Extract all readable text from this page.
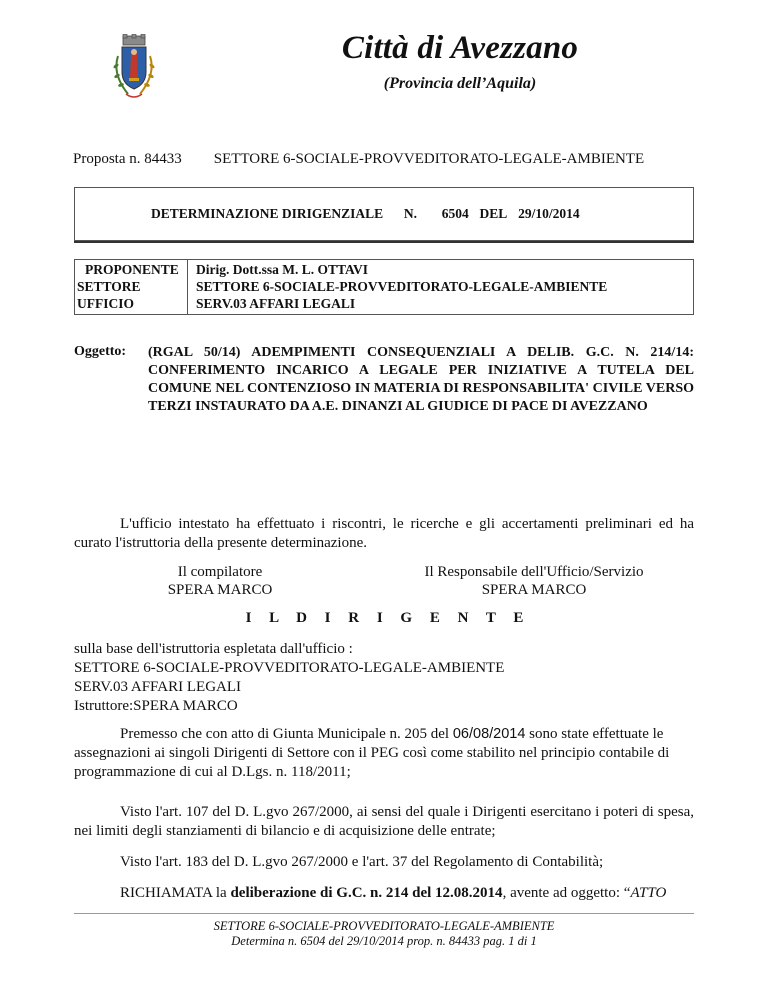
Città di Avezzano
(Provincia dell’Aquila)
Proposta n. 84433 SETTORE 6-SOCIALE-PROVVEDITORATO-LEGALE-AMBIENTE
DETERMINAZIONE DIRIGENZIALE N. 6504 DEL 29/10/2014
PROPONENTE
SETTORE
UFFICIO
Dirig. Dott.ssa M. L. OTTAVI
SETTORE 6-SOCIALE-PROVVEDITORATO-LEGALE-AMBIENTE
SERV.03 AFFARI LEGALI
Oggetto: (RGAL 50/14) ADEMPIMENTI CONSEQUENZIALI A DELIB. G.C. N. 214/14: CONFERIMENTO INCARICO A LEGALE PER INIZIATIVE A TUTELA DEL COMUNE NEL CONTENZIOSO IN MATERIA DI RESPONSABILITA' CIVILE VERSO TERZI INSTAURATO DA A.E. DINANZI AL GIUDICE DI PACE DI AVEZZANO
L'ufficio intestato ha effettuato i riscontri, le ricerche e gli accertamenti preliminari ed ha curato l'istruttoria della presente determinazione.
Il compilatore
SPERA MARCO
Il Responsabile dell'Ufficio/Servizio
SPERA MARCO
I L D I R I G E N T E
sulla base dell'istruttoria espletata dall'ufficio :
SETTORE 6-SOCIALE-PROVVEDITORATO-LEGALE-AMBIENTE
SERV.03 AFFARI LEGALI
Istruttore:SPERA MARCO
Premesso che con atto di Giunta Municipale n. 205 del 06/08/2014 sono state effettuate le assegnazioni ai singoli Dirigenti di Settore con il PEG così come stabilito nel principio contabile di programmazione di cui al D.Lgs. n. 118/2011;
Visto l'art. 107 del D. L.gvo 267/2000, ai sensi del quale i Dirigenti esercitano i poteri di spesa, nei limiti degli stanziamenti di bilancio e di acquisizione delle entrate;
Visto l'art. 183 del D. L.gvo 267/2000 e l'art. 37 del Regolamento di Contabilità;
RICHIAMATA la deliberazione di G.C. n. 214 del 12.08.2014, avente ad oggetto: “ATTO
SETTORE 6-SOCIALE-PROVVEDITORATO-LEGALE-AMBIENTE
Determina n. 6504 del 29/10/2014 prop. n. 84433 pag. 1 di 1
